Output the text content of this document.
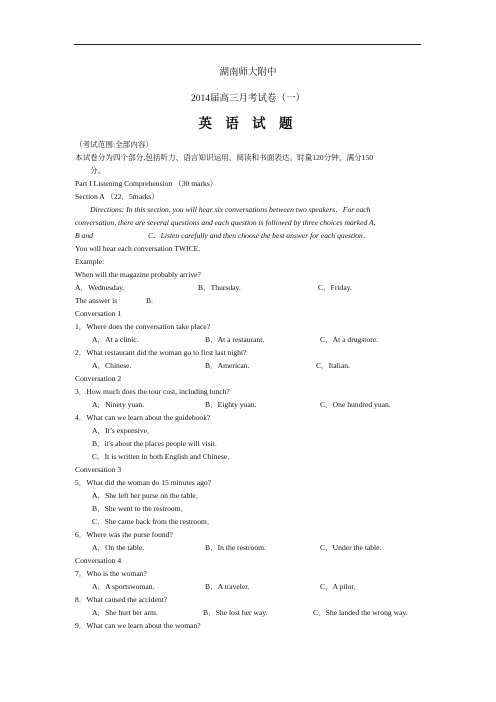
湖南师大附中
2014届高三月考试卷（一）
英 语 试 题
（考试范围:全部内容）
本试卷分为四个部分,包括听力、语言知识运用、阅读和书面表达。时量120分钟。满分150
分。
Part I Listening Comprehension （30 marks）
Section A （22．5marks）
Directions: In this section, you will hear six conversations between two speakers．For each
conversation, there are several questions and each question is followed by three choices marked A,
B and	C．Listen carefully and then choose the best answer for each question．
You will hear each conversation TWICE.
Example:
When will the magazine probably arrive?
A．Wednesday.	B．Thursday.	C．Friday.
The answer is	B.
Conversation 1
1．Where does the conversation take place?
A．At a clinic.	B．At a restaurant.	C．At a drugstore.
2．What restaurant did the woman go to first last night?
A．Chinese.	B．American.	C．Italian.
Conversation 2
3．How much does the tour cost, including lunch?
A．Ninety yuan.	B．Eighty yuan.	C．One hundred yuan.
4．What can we learn about the guidebook?
A．It’s expensive．
B．it's about the places people will visit.
C．It is written in both English and Chinese．
Conversation 3
5．What did the woman do 15 minutes ago?
A．She left her purse on the table．
B．She went to the restroom．
C．She came back from the restroom．
6．Where was the purse found?
A．On the table.	B．In the restroom.	C．Under the table.
Conversation 4
7．Who is the woman?
A．A sportswoman.	B．A traveler.	C．A pilot．
8．What caused the accident?
A．She hurt her arm.	B．She lost her way.	C．She landed the wrong way.
9．What can we learn about the woman?
